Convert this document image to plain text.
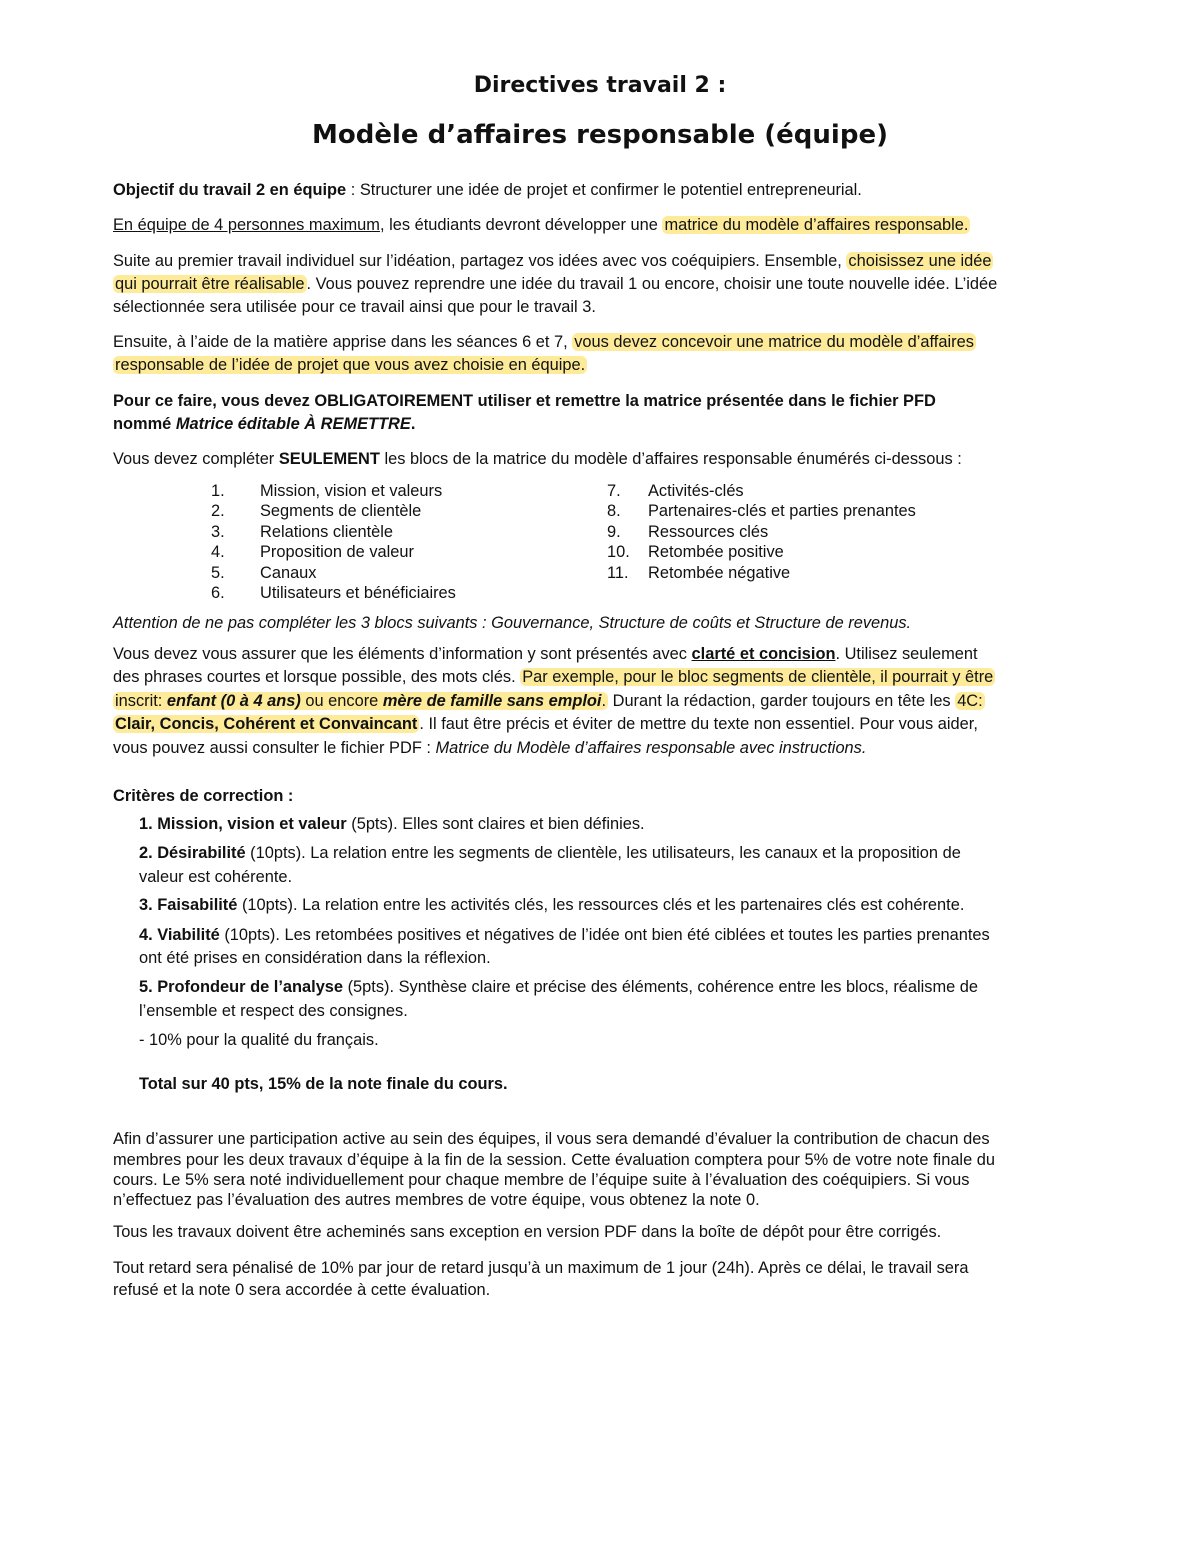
Directives travail 2 :
Modèle d’affaires responsable (équipe)
Objectif du travail 2 en équipe : Structurer une idée de projet et confirmer le potentiel entrepreneurial.
En équipe de 4 personnes maximum, les étudiants devront développer une matrice du modèle d’affaires responsable.
Suite au premier travail individuel sur l’idéation, partagez vos idées avec vos coéquipiers. Ensemble, choisissez une idée
qui pourrait être réalisable . Vous pouvez reprendre une idée du travail 1 ou encore, choisir une toute nouvelle idée. L’idée
sélectionnée sera utilisée pour ce travail ainsi que pour le travail 3.
Ensuite, à l’aide de la matière apprise dans les séances 6 et 7, vous devez concevoir une matrice du modèle d’affaires
responsable de l’idée de projet que vous avez choisie en équipe.
Pour ce faire, vous devez OBLIGATOIREMENT utiliser et remettre la matrice présentée dans le fichier PFD
nommé Matrice éditable À REMETTRE.
Vous devez compléter SEULEMENT les blocs de la matrice du modèle d’affaires responsable énumérés ci-dessous :
1. Mission, vision et valeurs
2. Segments de clientèle
3. Relations clientèle
4. Proposition de valeur
5. Canaux
6. Utilisateurs et bénéficiaires
7. Activités-clés
8. Partenaires-clés et parties prenantes
9. Ressources clés
10. Retombée positive
11. Retombée négative
Attention de ne pas compléter les 3 blocs suivants : Gouvernance, Structure de coûts et Structure de revenus.
Vous devez vous assurer que les éléments d’information y sont présentés avec clarté et concision. Utilisez seulement
des phrases courtes et lorsque possible, des mots clés. Par exemple, pour le bloc segments de clientèle, il pourrait y être
inscrit: enfant (0 à 4 ans) ou encore mère de famille sans emploi. Durant la rédaction, garder toujours en tête les 4C:
Clair, Concis, Cohérent et Convaincant . Il faut être précis et éviter de mettre du texte non essentiel. Pour vous aider,
vous pouvez aussi consulter le fichier PDF : Matrice du Modèle d’affaires responsable avec instructions.
Critères de correction :
1. Mission, vision et valeur (5pts). Elles sont claires et bien définies.
2. Désirabilité (10pts). La relation entre les segments de clientèle, les utilisateurs, les canaux et la proposition de
valeur est cohérente.
3. Faisabilité (10pts). La relation entre les activités clés, les ressources clés et les partenaires clés est cohérente.
4. Viabilité (10pts). Les retombées positives et négatives de l’idée ont bien été ciblées et toutes les parties prenantes
ont été prises en considération dans la réflexion.
5. Profondeur de l’analyse (5pts). Synthèse claire et précise des éléments, cohérence entre les blocs, réalisme de
l’ensemble et respect des consignes.
- 10% pour la qualité du français.
Total sur 40 pts, 15% de la note finale du cours.
Afin d’assurer une participation active au sein des équipes, il vous sera demandé d’évaluer la contribution de chacun des
membres pour les deux travaux d’équipe à la fin de la session. Cette évaluation comptera pour 5% de votre note finale du
cours. Le 5% sera noté individuellement pour chaque membre de l’équipe suite à l’évaluation des coéquipiers. Si vous
n’effectuez pas l’évaluation des autres membres de votre équipe, vous obtenez la note 0.
Tous les travaux doivent être acheminés sans exception en version PDF dans la boîte de dépôt pour être corrigés.
Tout retard sera pénalisé de 10% par jour de retard jusqu’à un maximum de 1 jour (24h). Après ce délai, le travail sera
refusé et la note 0 sera accordée à cette évaluation.
